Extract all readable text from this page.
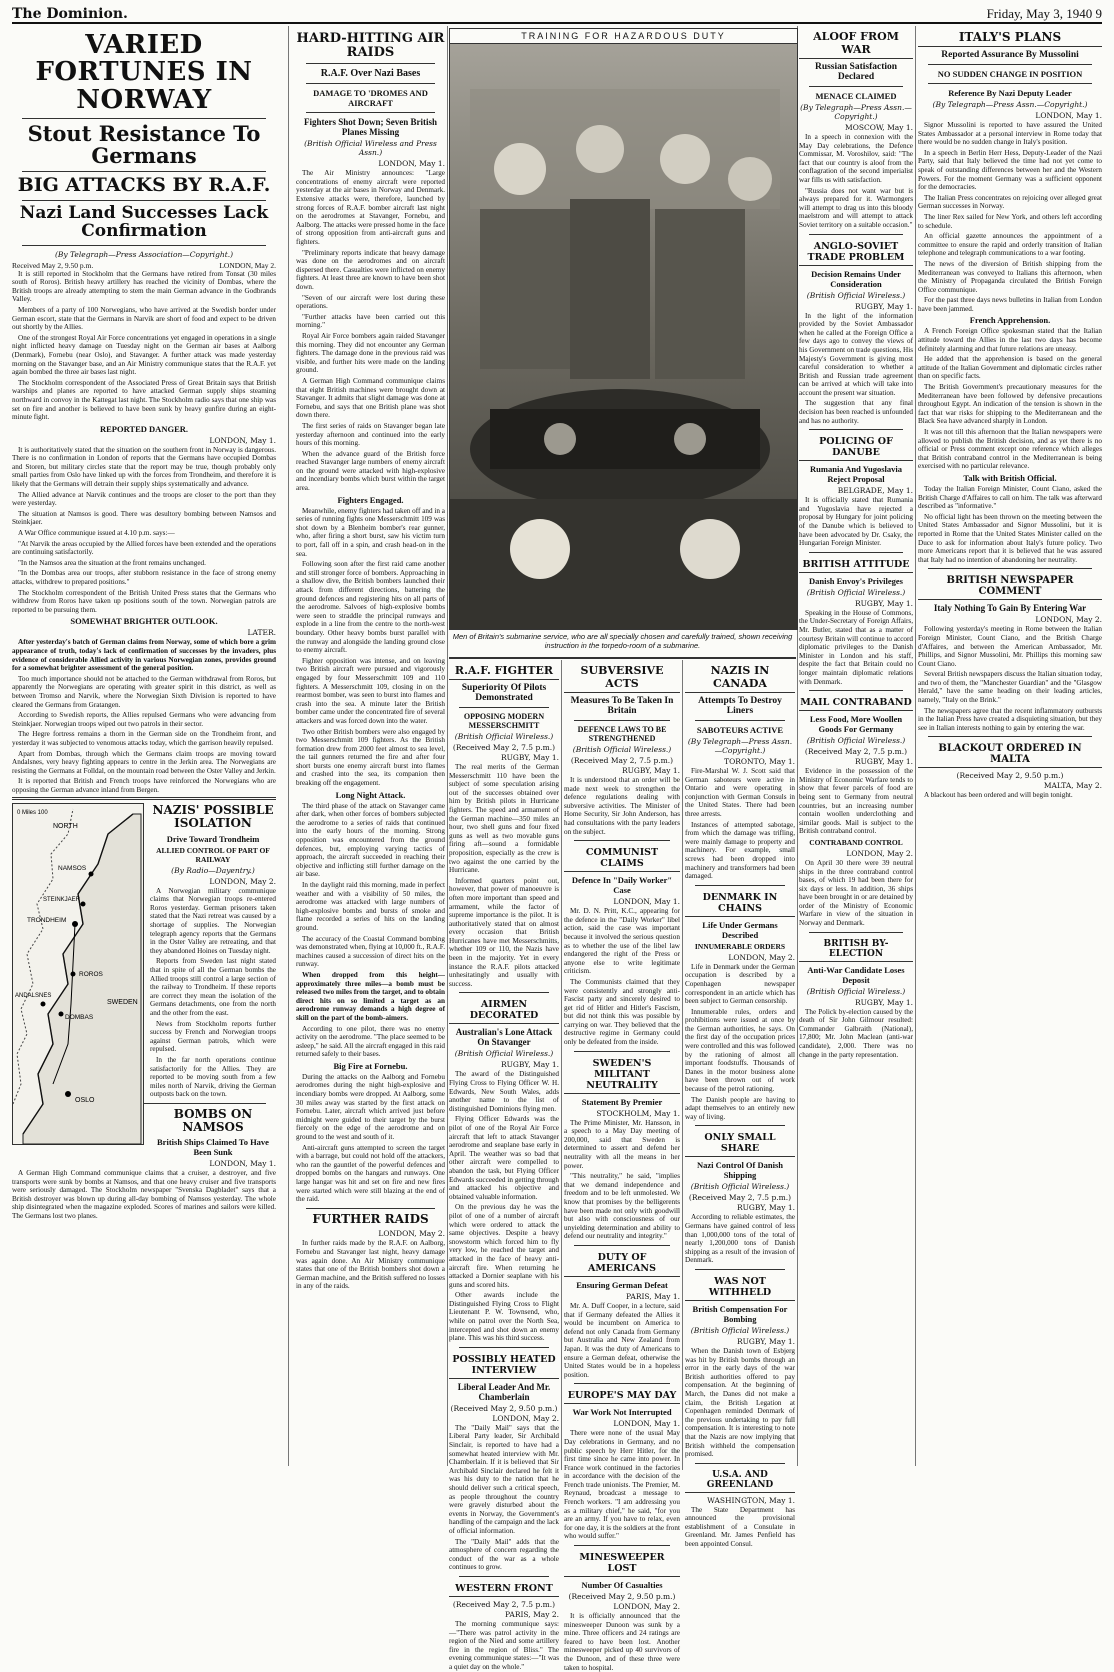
The Dominion.	Friday, May 3, 1940 9
VARIED FORTUNES IN NORWAY
Stout Resistance To Germans
BIG ATTACKS BY R.A.F.
Nazi Land Successes Lack Confirmation
(By Telegraph—Press Association—Copyright.)
Received May 2, 9.50 p.m.	LONDON, May 2.

It is still reported in Stockholm that the Germans have retired from Tonsat (30 miles south of Roros). British heavy artillery has reached the vicinity of Dombas, where the British troops are already attempting to stem the main German advance in the Godbrands Valley.

Members of a party of 100 Norwegians, who have arrived at the Swedish border under German escort, state that the Germans in Narvik are short of food and expect to be driven out shortly by the Allies.

One of the strongest Royal Air Force concentrations yet engaged in operations in a single night inflicted heavy damage on Tuesday night on the German air bases at Aalborg (Denmark), Fornebu (near Oslo), and Stavanger. A further attack was made yesterday morning on the Stavanger base, and an Air Ministry communique states that the R.A.F. yet again bombed the three air bases last night.

The Stockholm correspondent of the Associated Press of Great Britain says that British warships and planes are reported to have attacked German supply ships steaming northward in convoy in the Kattegat last night. The Stockholm radio says that one ship was set on fire and another is believed to have been sunk by heavy gunfire during an eight-minute fight.

REPORTED DANGER.
LONDON, May 1.

It is authoritatively stated that the situation on the southern front in Norway is dangerous. There is no confirmation in London of reports that the Germans have occupied Dombas and Storen, but military circles state that the report may be true, though probably only small parties from Oslo have linked up with the forces from Trondheim, and therefore it is likely that the Germans will detrain their supply ships systematically and advance.

The Allied advance at Narvik continues and the troops are closer to the port than they were yesterday.

The situation at Namsos is good. There was desultory bombing between Namsos and Steinkjaer.

A War Office communique issued at 4.10 p.m. says:—

"At Narvik the areas occupied by the Allied forces have been extended and the operations are continuing satisfactorily.

"In the Namsos area the situation at the front remains unchanged.

"In the Dombas area our troops, after stubborn resistance in the face of strong enemy attacks, withdrew to prepared positions."

The Stockholm correspondent of the British United Press states that the Germans who withdrew from Roros have taken up positions south of the town. Norwegian patrols are reported to be pursuing them.

SOMEWHAT BRIGHTER OUTLOOK.
LATER.

After yesterday's batch of German claims from Norway, some of which bore a grim appearance of truth, today's lack of confirmation of successes by the invaders, plus evidence of considerable Allied activity in various Norwegian zones, provides ground for a somewhat brighter assessment of the general position.

Too much importance should not be attached to the German withdrawal from Roros, but apparently the Norwegians are operating with greater spirit in this district, as well as between Tromso and Narvik, where the Norwegian Sixth Division is reported to have cleared the Germans from Gratangen.

According to Swedish reports, the Allies repulsed Germans who were advancing from Steinkjaer. Norwegian troops wiped out two patrols in their sector.

The Hegre fortress remains a thorn in the German side on the Trondheim front, and yesterday it was subjected to venomous attacks today, which the garrison heavily repulsed.

Apart from Dombas, through which the Germans claim troops are moving toward Andalsnes, very heavy fighting appears to centre in the Jerkin area. The Norwegians are resisting the Germans at Folldal, on the mountain road between the Oster Valley and Jerkin.

It is reported that British and French troops have reinforced the Norwegians who are opposing the German advance inland from Bergen.

NORTH
TRONDHEIM
STEINKJAER
NAMSOS
ROROS
DOMBAS
ANDALSNES
OSLO
SWEDEN
0 Miles 100	NAZIS' POSSIBLE ISOLATION
Drive Toward Trondheim
ALLIED CONTROL OF PART OF RAILWAY
(By Radio—Dayentry.)
LONDON, May 2.

A Norwegian military communique claims that Norwegian troops re-entered Roros yesterday. German prisoners taken stated that the Nazi retreat was caused by a shortage of supplies. The Norwegian telegraph agency reports that the Germans in the Oster Valley are retreating, and that they abandoned Hoines on Tuesday night.

Reports from Sweden last night stated that in spite of all the German bombs the Allied troops still control a large section of the railway to Trondheim. If these reports are correct they mean the isolation of the Germans detachments, one from the north and the other from the east.

News from Stockholm reports further success by French and Norwegian troops against German patrols, which were repulsed.

In the far north operations continue satisfactorily for the Allies. They are reported to be moving south from a few miles north of Narvik, driving the German outposts back on the town.

BOMBS ON NAMSOS
British Ships Claimed To Have Been Sunk
LONDON, May 1.

A German High Command communique claims that a cruiser, a destroyer, and five transports were sunk by bombs at Namsos, and that one heavy cruiser and five transports were seriously damaged. The Stockholm newspaper "Svenska Dagbladet" says that a British destroyer was blown up during all-day bombing of Namsos yesterday. The whole ship disintegrated when the magazine exploded. Scores of marines and sailors were killed. The Germans lost two planes.

HARD-HITTING AIR RAIDS
R.A.F. Over Nazi Bases
DAMAGE TO 'DROMES AND AIRCRAFT
Fighters Shot Down; Seven British Planes Missing
(British Official Wireless and Press Assn.)
LONDON, May 1.

The Air Ministry announces: "Large concentrations of enemy aircraft were reported yesterday at the air bases in Norway and Denmark. Extensive attacks were, therefore, launched by strong forces of R.A.F. bomber aircraft last night on the aerodromes at Stavanger, Fornebu, and Aalborg. The attacks were pressed home in the face of strong opposition from anti-aircraft guns and fighters.

"Preliminary reports indicate that heavy damage was done on the aerodromes and on aircraft dispersed there. Casualties were inflicted on enemy fighters. At least three are known to have been shot down.

"Seven of our aircraft were lost during these operations.

"Further attacks have been carried out this morning."

Royal Air Force bombers again raided Stavanger this morning. They did not encounter any German fighters. The damage done in the previous raid was visible, and further hits were made on the landing ground.

A German High Command communique claims that eight British machines were brought down at Stavanger. It admits that slight damage was done at Fornebu, and says that one British plane was shot down there.

The first series of raids on Stavanger began late yesterday afternoon and continued into the early hours of this morning.

When the advance guard of the British force reached Stavanger large numbers of enemy aircraft on the ground were attacked with high-explosive and incendiary bombs which burst within the target area.

Fighters Engaged.

Meanwhile, enemy fighters had taken off and in a series of running fights one Messerschmitt 109 was shot down by a Blenheim bomber's rear gunner, who, after firing a short burst, saw his victim turn to port, fall off in a spin, and crash head-on in the sea.

Following soon after the first raid came another and still stronger force of bombers. Approaching in a shallow dive, the British bombers launched their attack from different directions, battering the ground defences and registering hits on all parts of the aerodrome. Salvoes of high-explosive bombs were seen to straddle the principal runways and explode in a line from the centre to the north-west boundary. Other heavy bombs burst parallel with the runway and alongside the landing ground close to enemy aircraft.

Fighter opposition was intense, and on leaving two British aircraft were pursued and vigorously engaged by four Messerschmitt 109 and 110 fighters. A Messerschmitt 109, closing in on the rearmost bomber, was seen to burst into flames and crash into the sea. A minute later the British bomber came under the concentrated fire of several attackers and was forced down into the water.

Two other British bombers were also engaged by two Messerschmitt 109 fighters. As the British formation drew from 2000 feet almost to sea level, the tail gunners returned the fire and after four short bursts one enemy aircraft burst into flames and crashed into the sea, its companion then breaking off the engagement.

Long Night Attack.

The third phase of the attack on Stavanger came after dark, when other forces of bombers subjected the aerodrome to a series of raids that continued into the early hours of the morning. Strong opposition was encountered from the ground defences, but, employing varying tactics of approach, the aircraft succeeded in reaching their objective and inflicting still further damage on the air base.

In the daylight raid this morning, made in perfect weather and with a visibility of 50 miles, the aerodrome was attacked with large numbers of high-explosive bombs and bursts of smoke and flame recorded a series of hits on the landing ground.

The accuracy of the Coastal Command bombing was demonstrated when, flying at 10,000 ft., R.A.F. machines caused a succession of direct hits on the runway.

When dropped from this height—approximately three miles—a bomb must be released two miles from the target, and to obtain direct hits on so limited a target as an aerodrome runway demands a high degree of skill on the part of the bomb-aimers.

According to one pilot, there was no enemy activity on the aerodrome. "The place seemed to be asleep," he said. All the aircraft engaged in this raid returned safely to their bases.

Big Fire at Fornebu.

During the attacks on the Aalborg and Fornebu aerodromes during the night high-explosive and incendiary bombs were dropped. At Aalborg, some 30 miles away was started by the first attack on Fornebu. Later, aircraft which arrived just before midnight were guided to their target by the burst fiercely on the edge of the aerodrome and on ground to the west and south of it.

Anti-aircraft guns attempted to screen the target with a barrage, but could not hold off the attackers, who ran the gauntlet of the powerful defences and dropped bombs on the hangars and runways. One large hangar was hit and set on fire and new fires were started which were still blazing at the end of the raid.

FURTHER RAIDS
LONDON, May 2.

In further raids made by the R.A.F. on Aalborg, Fornebu and Stavanger last night, heavy damage was again done. An Air Ministry communique states that one of the British bombers shot down a German machine, and the British suffered no losses in any of the raids.

TRAINING FOR HAZARDOUS DUTY
Men of Britain's submarine service, who are all specially chosen and carefully trained, shown receiving instruction in the torpedo-room of a submarine.
R.A.F. FIGHTER
Superiority Of Pilots Demonstrated
OPPOSING MODERN MESSERSCHMITT
(British Official Wireless.)
(Received May 2, 7.5 p.m.)
RUGBY, May 1.

The real merits of the German Messerschmitt 110 have been the subject of some speculation arising out of the successes obtained over him by British pilots in Hurricane fighters. The speed and armament of the German machine—350 miles an hour, two shell guns and four fixed guns as well as two movable guns firing aft—sound a formidable proposition, especially as the crew is two against the one carried by the Hurricane.

Informed quarters point out, however, that power of manoeuvre is often more important than speed and armament, while the factor of supreme importance is the pilot. It is authoritatively stated that on almost every occasion that British Hurricanes have met Messerschmitts, whether 109 or 110, the Nazis have been in the majority. Yet in every instance the R.A.F. pilots attacked unhesitatingly and usually with success.

AIRMEN DECORATED
Australian's Lone Attack On Stavanger
(British Official Wireless.)
RUGBY, May 1.

The award of the Distinguished Flying Cross to Flying Officer W. H. Edwards, New South Wales, adds another name to the list of distinguished Dominions flying men.

Flying Officer Edwards was the pilot of one of the Royal Air Force aircraft that left to attack Stavanger aerodrome and seaplane base early in April. The weather was so bad that other aircraft were compelled to abandon the task, but Flying Officer Edwards succeeded in getting through and attacked his objective and obtained valuable information.

On the previous day he was the pilot of one of a number of aircraft which were ordered to attack the same objectives. Despite a heavy snowstorm which forced him to fly very low, he reached the target and attacked in the face of heavy anti-aircraft fire. When returning he attacked a Dornier seaplane with his guns and scored hits.

Other awards include the Distinguished Flying Cross to Flight Lieutenant P. W. Townsend, who, while on patrol over the North Sea, intercepted and shot down an enemy plane. This was his third success.

POSSIBLY HEATED INTERVIEW
Liberal Leader And Mr. Chamberlain
(Received May 2, 9.50 p.m.)
LONDON, May 2.

The "Daily Mail" says that the Liberal Party leader, Sir Archibald Sinclair, is reported to have had a somewhat heated interview with Mr. Chamberlain. If it is believed that Sir Archibald Sinclair declared he felt it was his duty to the nation that he should deliver such a critical speech, as people throughout the country were gravely disturbed about the events in Norway, the Government's handling of the campaign and the lack of official information.

The "Daily Mail" adds that the atmosphere of concern regarding the conduct of the war as a whole continues to grow.

WESTERN FRONT
(Received May 2, 7.5 p.m.)
PARIS, May 2.

The morning communique says:—"There was patrol activity in the region of the Nied and some artillery fire in the region of Bliss." The evening communique states:—"It was a quiet day on the whole."

SUBVERSIVE ACTS
Measures To Be Taken In Britain
DEFENCE LAWS TO BE STRENGTHENED
(British Official Wireless.)
(Received May 2, 7.5 p.m.)
RUGBY, May 1.

It is understood that an order will be made next week to strengthen the defence regulations dealing with subversive activities. The Minister of Home Security, Sir John Anderson, has had consultations with the party leaders on the subject.

COMMUNIST CLAIMS
Defence In "Daily Worker" Case
LONDON, May 1.

Mr. D. N. Pritt, K.C., appearing for the defence in the "Daily Worker" libel action, said the case was important because it involved the serious question as to whether the use of the libel law endangered the right of the Press or anyone else to write legitimate criticism.

The Communists claimed that they were consistently and strongly anti-Fascist party and sincerely desired to get rid of Hitler and Hitler's Fascism, but did not think this was possible by carrying on war. They believed that the destructive regime in Germany could only be defeated from the inside.

SWEDEN'S MILITANT NEUTRALITY
Statement By Premier
STOCKHOLM, May 1.

The Prime Minister, Mr. Hansson, in a speech to a May Day meeting of 200,000, said that Sweden is determined to assert and defend her neutrality with all the means in her power.

"This neutrality," he said, "implies that we demand independence and freedom and to be left unmolested. We know that promises by the belligerents have been made not only with goodwill but also with consciousness of our unyielding determination and ability to defend our neutrality and integrity."

DUTY OF AMERICANS
Ensuring German Defeat
PARIS, May 1.

Mr. A. Duff Cooper, in a lecture, said that if Germany defeated the Allies it would be incumbent on America to defend not only Canada from Germany but Australia and New Zealand from Japan. It was the duty of Americans to ensure a German defeat, otherwise the United States would be in a hopeless position.

EUROPE'S MAY DAY
War Work Not Interrupted
LONDON, May 1.

There were none of the usual May Day celebrations in Germany, and no public speech by Herr Hitler, for the first time since he came into power. In France work continued in the factories in accordance with the decision of the French trade unionists. The Premier, M. Reynaud, broadcast a message to French workers. "I am addressing you as a military chief," he said, "for you are an army. If you have to relax, even for one day, it is the soldiers at the front who would suffer."

MINESWEEPER LOST
Number Of Casualties
(Received May 2, 9.50 p.m.)
LONDON, May 2.

It is officially announced that the minesweeper Dunoon was sunk by a mine. Three officers and 24 ratings are feared to have been lost. Another minesweeper picked up 40 survivors of the Dunoon, and of these three were taken to hospital.

NAZIS IN CANADA
Attempts To Destroy Liners
SABOTEURS ACTIVE
(By Telegraph—Press Assn.—Copyright.)
TORONTO, May 1.

Fire-Marshal W. J. Scott said that German saboteurs were active in Ontario and were operating in conjunction with German Consuls in the United States. There had been three arrests.

Instances of attempted sabotage, from which the damage was trifling, were mainly damage to property and machinery. For example, small screws had been dropped into machinery and transformers had been damaged.

DENMARK IN CHAINS
Life Under Germans Described
INNUMERABLE ORDERS
LONDON, May 2.

Life in Denmark under the German occupation is described by a Copenhagen newspaper correspondent in an article which has been subject to German censorship.

Innumerable rules, orders and prohibitions were issued at once by the German authorities, he says. On the first day of the occupation prices were controlled and this was followed by the rationing of almost all important foodstuffs. Thousands of Danes in the motor business alone have been thrown out of work because of the petrol rationing.

The Danish people are having to adapt themselves to an entirely new way of living.

ONLY SMALL SHARE
Nazi Control Of Danish Shipping
(British Official Wireless.)
(Received May 2, 7.5 p.m.)
RUGBY, May 1.

According to reliable estimates, the Germans have gained control of less than 1,000,000 tons of the total of nearly 1,200,000 tons of Danish shipping as a result of the invasion of Denmark.

WAS NOT WITHHELD
British Compensation For Bombing
(British Official Wireless.)
RUGBY, May 1.

When the Danish town of Esbjerg was hit by British bombs through an error in the early days of the war British authorities offered to pay compensation. At the beginning of March, the Danes did not make a claim, the British Legation at Copenhagen reminded Denmark of the previous undertaking to pay full compensation. It is interesting to note that the Nazis are now implying that British withheld the compensation promised.

U.S.A. AND GREENLAND
WASHINGTON, May 1.

The State Department has announced the provisional establishment of a Consulate in Greenland. Mr. James Penfield has been appointed Consul.

ALOOF FROM WAR
Russian Satisfaction Declared
MENACE CLAIMED
(By Telegraph—Press Assn.—Copyright.)
MOSCOW, May 1.

In a speech in connexion with the May Day celebrations, the Defence Commissar, M. Voroshilov, said: "The fact that our country is aloof from the conflagration of the second imperialist war fills us with satisfaction.

"Russia does not want war but is always prepared for it. Warmongers will attempt to drag us into this bloody maelstrom and will attempt to attack Soviet territory on a suitable occasion."

ANGLO-SOVIET TRADE PROBLEM
Decision Remains Under Consideration
(British Official Wireless.)
RUGBY, May 1.

In the light of the information provided by the Soviet Ambassador when he called at the Foreign Office a few days ago to convey the views of his Government on trade questions, His Majesty's Government is giving most careful consideration to whether a British and Russian trade agreement can be arrived at which will take into account the present war situation.

The suggestion that any final decision has been reached is unfounded and has no authority.

POLICING OF DANUBE
Rumania And Yugoslavia Reject Proposal
BELGRADE, May 1.

It is officially stated that Rumania and Yugoslavia have rejected a proposal by Hungary for joint policing of the Danube which is believed to have been advocated by Dr. Csaky, the Hungarian Foreign Minister.

BRITISH ATTITUDE
Danish Envoy's Privileges
(British Official Wireless.)
RUGBY, May 1.

Speaking in the House of Commons, the Under-Secretary of Foreign Affairs, Mr. Butler, stated that as a matter of courtesy Britain will continue to accord diplomatic privileges to the Danish Minister in London and his staff, despite the fact that Britain could no longer maintain diplomatic relations with Denmark.

MAIL CONTRABAND
Less Food, More Woollen Goods For Germany
(British Official Wireless.)
(Received May 2, 7.5 p.m.)
RUGBY, May 1.

Evidence in the possession of the Ministry of Economic Warfare tends to show that fewer parcels of food are being sent to Germany from neutral countries, but an increasing number contain woollen underclothing and similar goods. Mail is subject to the British contraband control.

CONTRABAND CONTROL
LONDON, May 2.

On April 30 there were 39 neutral ships in the three contraband control bases, of which 19 had been there for six days or less. In addition, 36 ships have been brought in or are detained by order of the Ministry of Economic Warfare in view of the situation in Norway and Denmark.

BRITISH BY-ELECTION
Anti-War Candidate Loses Deposit
(British Official Wireless.)
RUGBY, May 1.

The Polick by-election caused by the death of Sir John Gilmour resulted: Commander Galbraith (National), 17,800; Mr. John Maclean (anti-war candidate), 2,000. There was no change in the party representation.

ITALY'S PLANS
Reported Assurance By Mussolini
NO SUDDEN CHANGE IN POSITION
Reference By Nazi Deputy Leader
(By Telegraph—Press Assn.—Copyright.)
LONDON, May 1.

Signor Mussolini is reported to have assured the United States Ambassador at a personal interview in Rome today that there would be no sudden change in Italy's position.

In a speech in Berlin Herr Hess, Deputy-Leader of the Nazi Party, said that Italy believed the time had not yet come to speak of outstanding differences between her and the Western Powers. For the moment Germany was a sufficient opponent for the democracies.

The Italian Press concentrates on rejoicing over alleged great German successes in Norway.

The liner Rex sailed for New York, and others left according to schedule.

An official gazette announces the appointment of a committee to ensure the rapid and orderly transition of Italian telephone and telegraph communications to a war footing.

The news of the diversion of British shipping from the Mediterranean was conveyed to Italians this afternoon, when the Ministry of Propaganda circulated the British Foreign Office communique.

For the past three days news bulletins in Italian from London have been jammed.

French Apprehension.

A French Foreign Office spokesman stated that the Italian attitude toward the Allies in the last two days has become definitely alarming and that future relations are uneasy.

He added that the apprehension is based on the general attitude of the Italian Government and diplomatic circles rather than on specific facts.

The British Government's precautionary measures for the Mediterranean have been followed by defensive precautions throughout Egypt. An indication of the tension is shown in the fact that war risks for shipping to the Mediterranean and the Black Sea have advanced sharply in London.

It was not till this afternoon that the Italian newspapers were allowed to publish the British decision, and as yet there is no official or Press comment except one reference which alleges that British contraband control in the Mediterranean is being exercised with no particular relevance.

Talk with British Official.

Today the Italian Foreign Minister, Count Ciano, asked the British Charge d'Affaires to call on him. The talk was afterward described as "informative."

No official light has been thrown on the meeting between the United States Ambassador and Signor Mussolini, but it is reported in Rome that the United States Minister called on the Duce to ask for information about Italy's future policy. Two more Americans report that it is believed that he was assured that Italy had no intention of abandoning her neutrality.

BRITISH NEWSPAPER COMMENT
Italy Nothing To Gain By Entering War
LONDON, May 2.

Following yesterday's meeting in Rome between the Italian Foreign Minister, Count Ciano, and the British Charge d'Affaires, and between the American Ambassador, Mr. Phillips, and Signor Mussolini, Mr. Phillips this morning saw Count Ciano.

Several British newspapers discuss the Italian situation today, and two of them, the "Manchester Guardian" and the "Glasgow Herald," have the same heading on their leading articles, namely, "Italy on the Brink."

The newspapers agree that the recent inflammatory outbursts in the Italian Press have created a disquieting situation, but they see in Italian interests nothing to gain by entering the war.

BLACKOUT ORDERED IN MALTA
(Received May 2, 9.50 p.m.)
MALTA, May 2.

A blackout has been ordered and will begin tonight.
